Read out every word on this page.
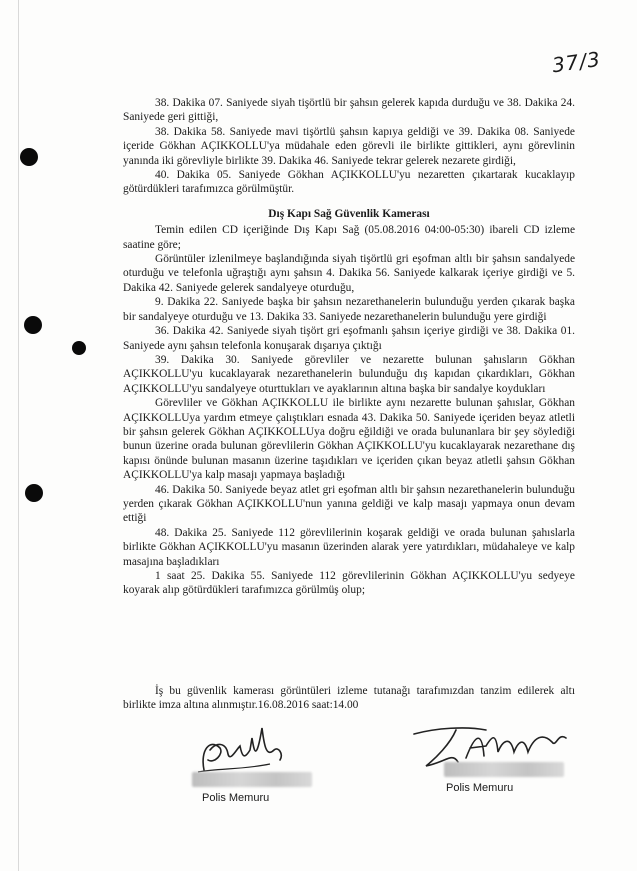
37/3

38. Dakika 07. Saniyede siyah tişörtlü bir şahsın gelerek kapıda durduğu ve 38. Dakika 24. Saniyede geri gittiği,

38. Dakika 58. Saniyede mavi tişörtlü şahsın kapıya geldiği ve 39. Dakika 08. Saniyede içeride Gökhan AÇIKKOLLU'ya müdahale eden görevli ile birlikte gittikleri, aynı görevlinin yanında iki görevliyle birlikte 39. Dakika 46. Saniyede tekrar gelerek nezarete girdiği,

40. Dakika 05. Saniyede Gökhan AÇIKKOLLU'yu nezaretten çıkartarak kucaklayıp götürdükleri tarafımızca görülmüştür.

Dış Kapı Sağ Güvenlik Kamerası

Temin edilen CD içeriğinde Dış Kapı Sağ (05.08.2016 04:00-05:30) ibareli CD izleme saatine göre;

Görüntüler izlenilmeye başlandığında siyah tişörtlü gri eşofman altlı bir şahsın sandalyede oturduğu ve telefonla uğraştığı aynı şahsın 4. Dakika 56. Saniyede kalkarak içeriye girdiği ve 5. Dakika 42. Saniyede gelerek sandalyeye oturduğu,

9. Dakika 22. Saniyede başka bir şahsın nezarethanelerin bulunduğu yerden çıkarak başka bir sandalyeye oturduğu ve 13. Dakika 33. Saniyede nezarethanelerin bulunduğu yere girdiği

36. Dakika 42. Saniyede siyah tişört gri eşofmanlı şahsın içeriye girdiği ve 38. Dakika 01. Saniyede aynı şahsın telefonla konuşarak dışarıya çıktığı

39. Dakika 30. Saniyede görevliler ve nezarette bulunan şahısların Gökhan AÇIKKOLLU'yu kucaklayarak nezarethanelerin bulunduğu dış kapıdan çıkardıkları, Gökhan AÇIKKOLLU'yu sandalyeye oturttukları ve ayaklarının altına başka bir sandalye koydukları

Görevliler ve Gökhan AÇIKKOLLU ile birlikte aynı nezarette bulunan şahıslar, Gökhan AÇIKKOLLUya yardım etmeye çalıştıkları esnada 43. Dakika 50. Saniyede içeriden beyaz atletli bir şahsın gelerek Gökhan AÇIKKOLLUya doğru eğildiği ve orada bulunanlara bir şey söylediği bunun üzerine orada bulunan görevlilerin Gökhan AÇIKKOLLU'yu kucaklayarak nezarethane dış kapısı önünde bulunan masanın üzerine taşıdıkları ve içeriden çıkan beyaz atletli şahsın Gökhan AÇIKKOLLU'ya kalp masajı yapmaya başladığı

46. Dakika 50. Saniyede beyaz atlet gri eşofman altlı bir şahsın nezarethanelerin bulunduğu yerden çıkarak Gökhan AÇIKKOLLU'nun yanına geldiği ve kalp masajı yapmaya onun devam ettiği

48. Dakika 25. Saniyede 112 görevlilerinin koşarak geldiği ve orada bulunan şahıslarla birlikte Gökhan AÇIKKOLLU'yu masanın üzerinden alarak yere yatırdıkları, müdahaleye ve kalp masajına başladıkları

1 saat 25. Dakika 55. Saniyede 112 görevlilerinin Gökhan AÇIKKOLLU'yu sedyeye koyarak alıp götürdükleri tarafımızca görülmüş olup;

İş bu güvenlik kamerası görüntüleri izleme tutanağı tarafımızdan tanzim edilerek altı birlikte imza altına alınmıştır.16.08.2016 saat:14.00

Polis Memuru
Polis Memuru
